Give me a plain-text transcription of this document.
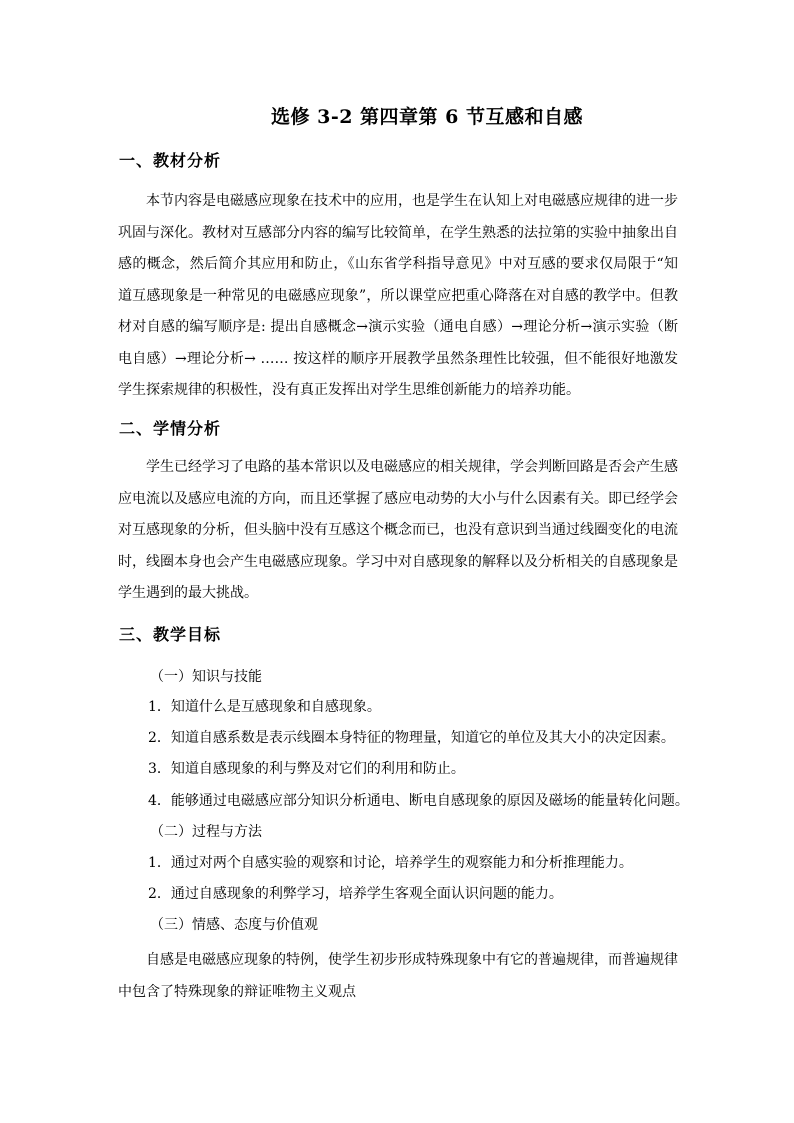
选修 3-2 第四章第 6 节互感和自感
一、教材分析
本节内容是电磁感应现象在技术中的应用，也是学生在认知上对电磁感应规律的进一步巩固与深化。教材对互感部分内容的编写比较简单，在学生熟悉的法拉第的实验中抽象出自感的概念，然后简介其应用和防止，《山东省学科指导意见》中对互感的要求仅局限于“知道互感现象是一种常见的电磁感应现象”，所以课堂应把重心降落在对自感的教学中。但教材对自感的编写顺序是: 提出自感概念→演示实验（通电自感）→理论分析→演示实验（断电自感）→理论分析→ …… 按这样的顺序开展教学虽然条理性比较强，但不能很好地激发学生探索规律的积极性，没有真正发挥出对学生思维创新能力的培养功能。
二、学情分析
学生已经学习了电路的基本常识以及电磁感应的相关规律，学会判断回路是否会产生感应电流以及感应电流的方向，而且还掌握了感应电动势的大小与什么因素有关。即已经学会对互感现象的分析，但头脑中没有互感这个概念而已，也没有意识到当通过线圈变化的电流时，线圈本身也会产生电磁感应现象。学习中对自感现象的解释以及分析相关的自感现象是学生遇到的最大挑战。
三、教学目标
（一）知识与技能
1．知道什么是互感现象和自感现象。
2．知道自感系数是表示线圈本身特征的物理量，知道它的单位及其大小的决定因素。
3．知道自感现象的利与弊及对它们的利用和防止。
4．能够通过电磁感应部分知识分析通电、断电自感现象的原因及磁场的能量转化问题。
（二）过程与方法
1．通过对两个自感实验的观察和讨论，培养学生的观察能力和分析推理能力。
2．通过自感现象的利弊学习，培养学生客观全面认识问题的能力。
（三）情感、态度与价值观
自感是电磁感应现象的特例，使学生初步形成特殊现象中有它的普遍规律，而普遍规律中包含了特殊现象的辩证唯物主义观点
